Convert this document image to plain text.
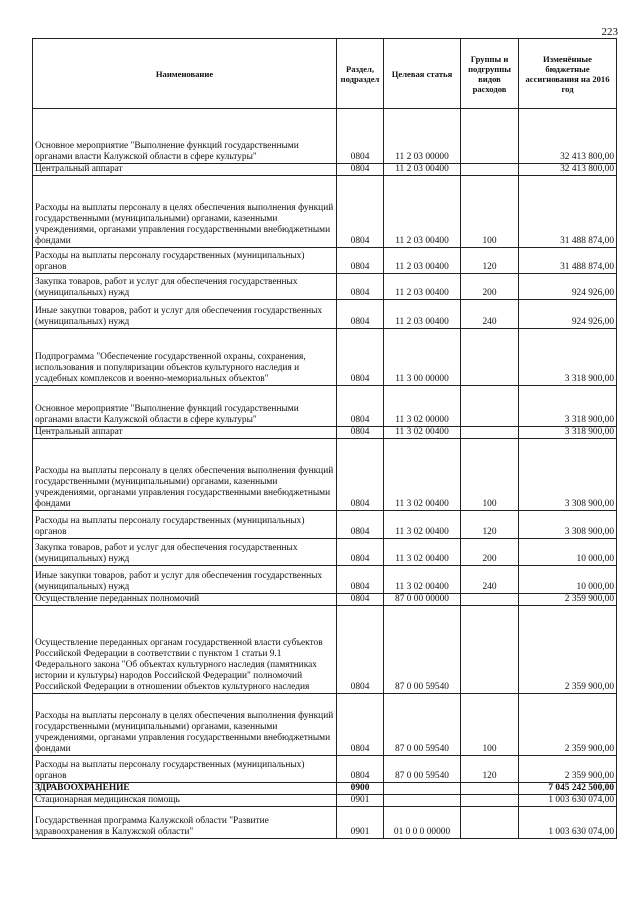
223
Наименование	Раздел, подраздел	Целевая статья	Группы и подгруппы видов расходов	Изменённые бюджетные ассигнования на 2016 год
Основное мероприятие "Выполнение функций государственными органами власти Калужской области в сфере культуры"	0804	11 2 03 00000		32 413 800,00
Центральный аппарат	0804	11 2 03 00400		32 413 800,00
Расходы на выплаты персоналу в целях обеспечения выполнения функций государственными (муниципальными) органами, казенными учреждениями, органами управления государственными внебюджетными фондами	0804	11 2 03 00400	100	31 488 874,00
Расходы на выплаты персоналу государственных (муниципальных) органов	0804	11 2 03 00400	120	31 488 874,00
Закупка товаров, работ и услуг для обеспечения государственных (муниципальных) нужд	0804	11 2 03 00400	200	924 926,00
Иные закупки товаров, работ и услуг для обеспечения государственных (муниципальных) нужд	0804	11 2 03 00400	240	924 926,00
Подпрограмма "Обеспечение государственной охраны, сохранения, использования и популяризации объектов культурного наследия и усадебных комплексов и военно-мемориальных объектов"	0804	11 3 00 00000		3 318 900,00
Основное мероприятие "Выполнение функций государственными органами власти Калужской области в сфере культуры"	0804	11 3 02 00000		3 318 900,00
Центральный аппарат	0804	11 3 02 00400		3 318 900,00
Расходы на выплаты персоналу в целях обеспечения выполнения функций государственными (муниципальными) органами, казенными учреждениями, органами управления государственными внебюджетными фондами	0804	11 3 02 00400	100	3 308 900,00
Расходы на выплаты персоналу государственных (муниципальных) органов	0804	11 3 02 00400	120	3 308 900,00
Закупка товаров, работ и услуг для обеспечения государственных (муниципальных) нужд	0804	11 3 02 00400	200	10 000,00
Иные закупки товаров, работ и услуг для обеспечения государственных (муниципальных) нужд	0804	11 3 02 00400	240	10 000,00
Осуществление переданных полномочий	0804	87 0 00 00000		2 359 900,00
Осуществление переданных органам государственной власти субъектов Российской Федерации в соответствии с пунктом 1 статьи 9.1 Федерального закона "Об объектах культурного наследия (памятниках истории и культуры) народов Российской Федерации" полномочий Российской Федерации в отношении объектов культурного наследия	0804	87 0 00 59540		2 359 900,00
Расходы на выплаты персоналу в целях обеспечения выполнения функций государственными (муниципальными) органами, казенными учреждениями, органами управления государственными внебюджетными фондами	0804	87 0 00 59540	100	2 359 900,00
Расходы на выплаты персоналу государственных (муниципальных) органов	0804	87 0 00 59540	120	2 359 900,00
ЗДРАВООХРАНЕНИЕ	0900			7 045 242 500,00
Стационарная медицинская помощь	0901			1 003 630 074,00
Государственная программа Калужской области "Развитие здравоохранения в Калужской области"	0901	01 0 0 0 00000		1 003 630 074,00
